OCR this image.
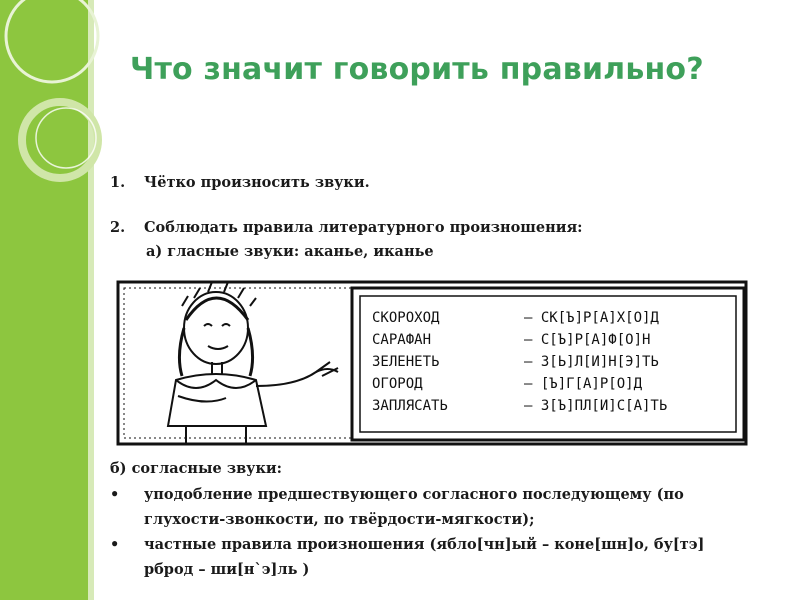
Что значит говорить правильно?
1. Чётко произносить звуки.
2. Соблюдать правила литературного произношения:
а) гласные звуки: аканье, иканье
СКОРОХОД	– СК[Ъ]Р[А]Х[О]Д
САРАФАН	– С[Ъ]Р[А]Ф[О]Н
ЗЕЛЕНЕТЬ	– З[Ь]Л[И]Н[Э]ТЬ
ОГОРОД	– [Ъ]Г[А]Р[О]Д
ЗАПЛЯСАТЬ	– З[Ъ]ПЛ[И]С[А]ТЬ
б) согласные звуки:
• уподобление предшествующего согласного последующему (по глухости-звонкости, по твёрдости-мягкости);
• частные правила произношения (ябло[чн]ый – коне[шн]о, бу[тэ] рброд – ши[н`э]ль )
